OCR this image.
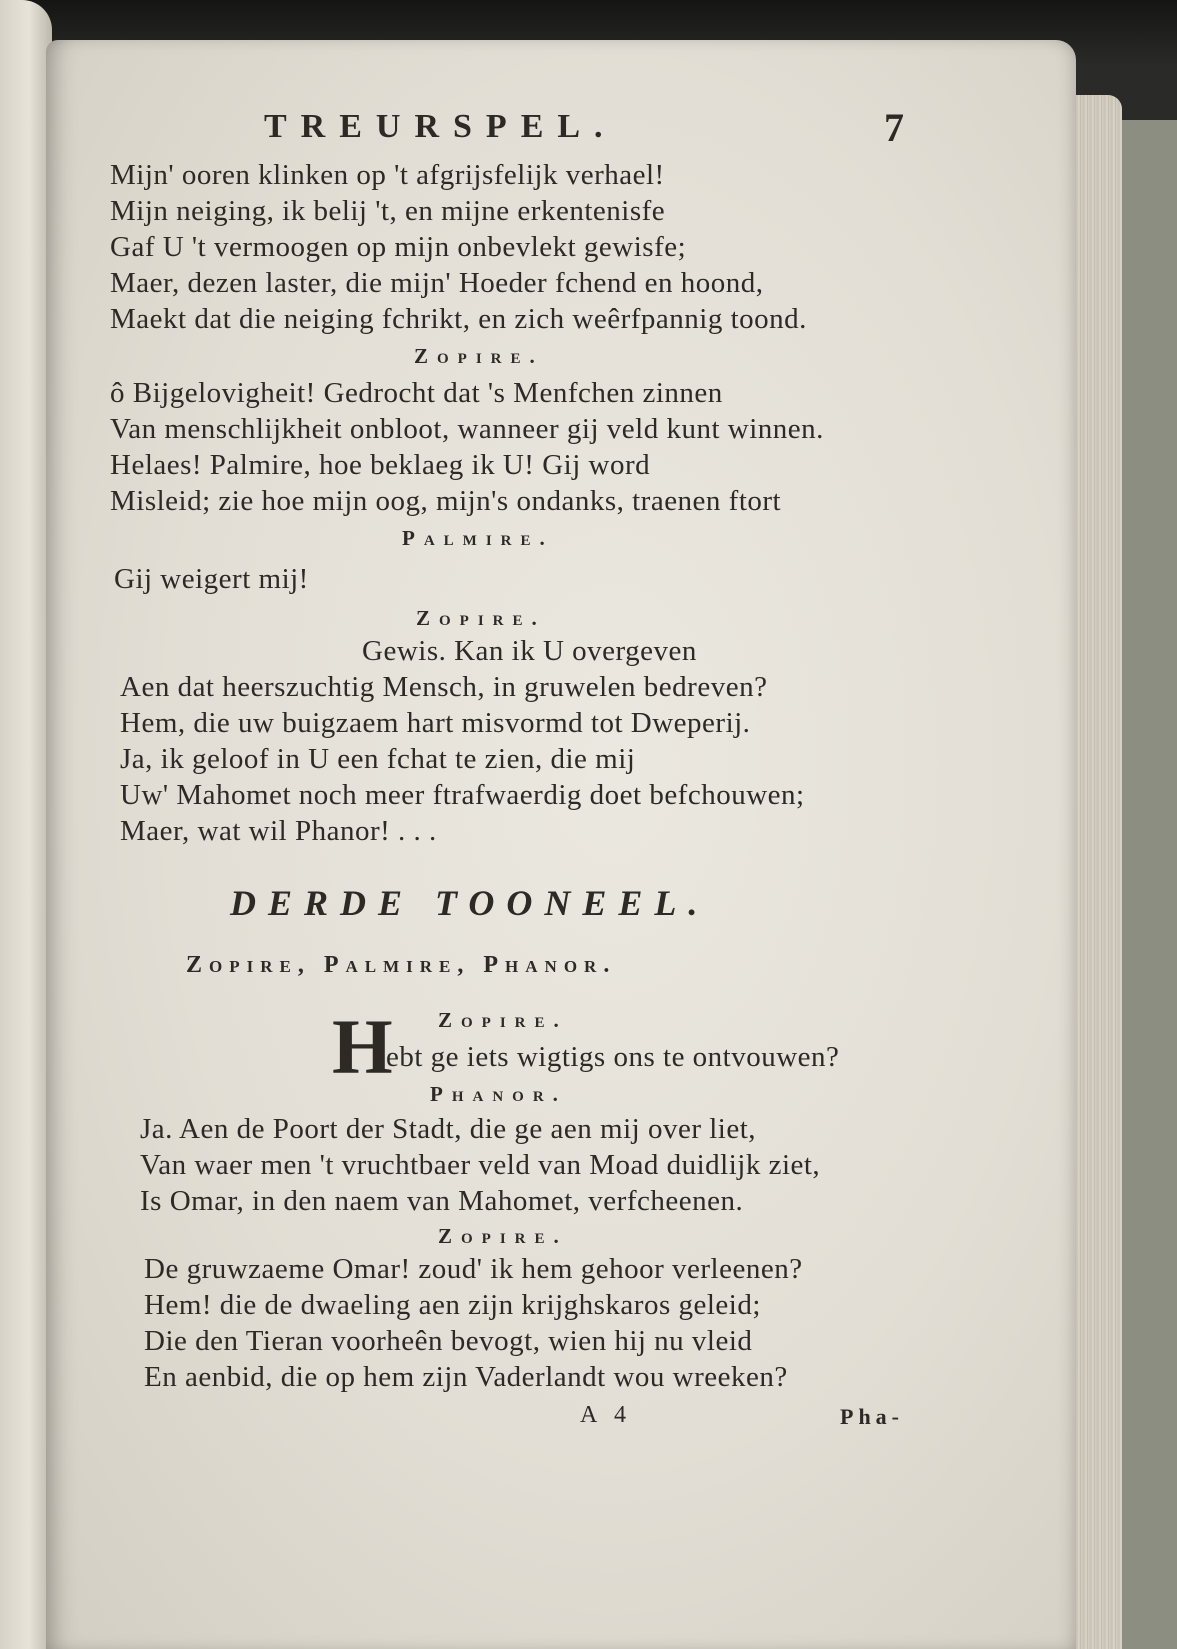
TREURSPEL.	7
Mijn' ooren klinken op 't afgrijsfelijk verhael!
Mijn neiging, ik belij 't, en mijne erkentenisfe
Gaf U 't vermoogen op mijn onbevlekt gewisfe;
Maer, dezen laster, die mijn' Hoeder fchend en hoond,
Maekt dat die neiging fchrikt, en zich weêrfpannig toond.
Zopire.
ô Bijgelovigheit! Gedrocht dat 's Menfchen zinnen
Van menschlijkheit onbloot, wanneer gij veld kunt winnen.
Helaes! Palmire, hoe beklaeg ik U! Gij word
Misleid; zie hoe mijn oog, mijn's ondanks, traenen ftort
Palmire.
Gij weigert mij!
Zopire.
Gewis. Kan ik U overgeven
Aen dat heerszuchtig Mensch, in gruwelen bedreven?
Hem, die uw buigzaem hart misvormd tot Dweperij.
Ja, ik geloof in U een fchat te zien, die mij
Uw' Mahomet noch meer ftrafwaerdig doet befchouwen;
Maer, wat wil Phanor! . . .
DERDE TOONEEL.
Zopire, Palmire, Phanor.
Zopire.
H
ebt ge iets wigtigs ons te ontvouwen?
Phanor.
Ja. Aen de Poort der Stadt, die ge aen mij over liet,
Van waer men 't vruchtbaer veld van Moad duidlijk ziet,
Is Omar, in den naem van Mahomet, verfcheenen.
Zopire.
De gruwzaeme Omar! zoud' ik hem gehoor verleenen?
Hem! die de dwaeling aen zijn krijghskaros geleid;
Die den Tieran voorheên bevogt, wien hij nu vleid
En aenbid, die op hem zijn Vaderlandt wou wreeken?
A 4	Pha-
